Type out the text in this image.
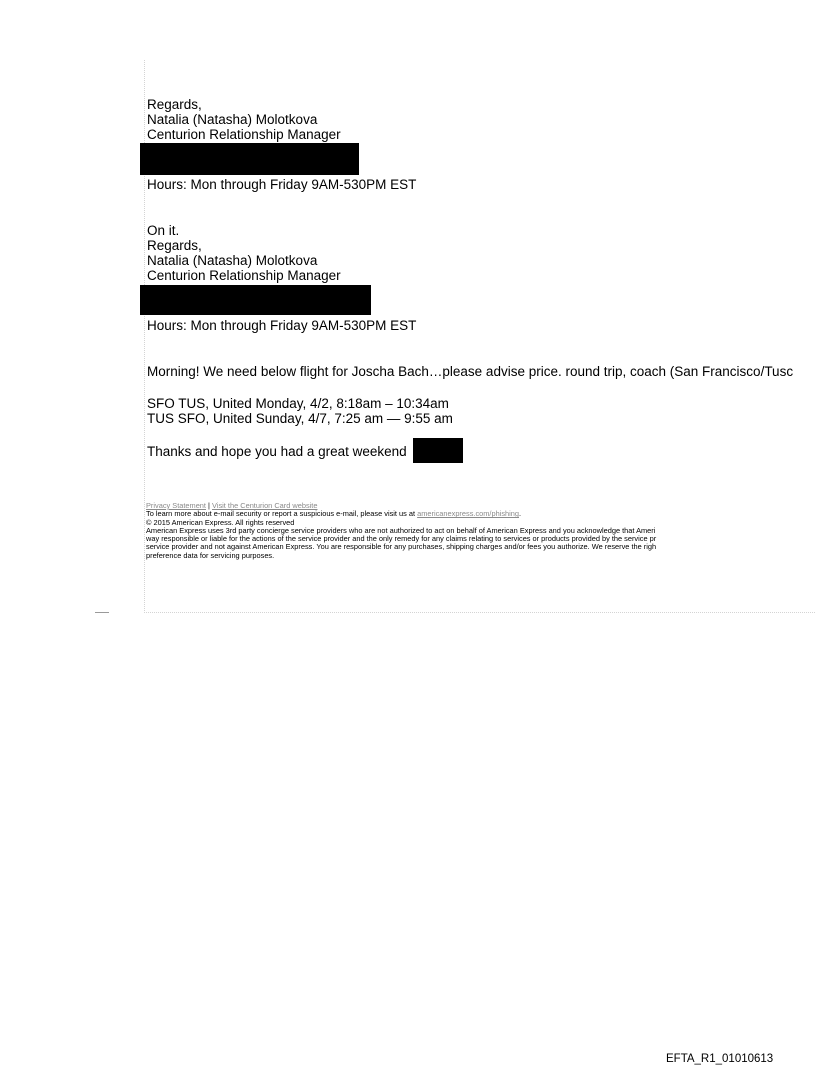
Regards,
Natalia (Natasha) Molotkova
Centurion Relationship Manager
Hours: Mon through Friday 9AM-530PM EST
On it.
Regards,
Natalia (Natasha) Molotkova
Centurion Relationship Manager
Hours: Mon through Friday 9AM-530PM EST
Morning! We need below flight for Joscha Bach…please advise price. round trip, coach (San Francisco/Tusc
SFO TUS, United Monday, 4/2, 8:18am – 10:34am
TUS SFO, United Sunday, 4/7, 7:25 am — 9:55 am
Thanks and hope you had a great weekend
Privacy Statement | Visit the Centurion Card website
To learn more about e-mail security or report a suspicious e-mail, please visit us at americanexpress.com/phishing.
© 2015 American Express. All rights reserved
American Express uses 3rd party concierge service providers who are not authorized to act on behalf of American Express and you acknowledge that Ameri
way responsible or liable for the actions of the service provider and the only remedy for any claims relating to services or products provided by the service pr
service provider and not against American Express. You are responsible for any purchases, shipping charges and/or fees you authorize. We reserve the righ
preference data for servicing purposes.
EFTA_R1_01010613
